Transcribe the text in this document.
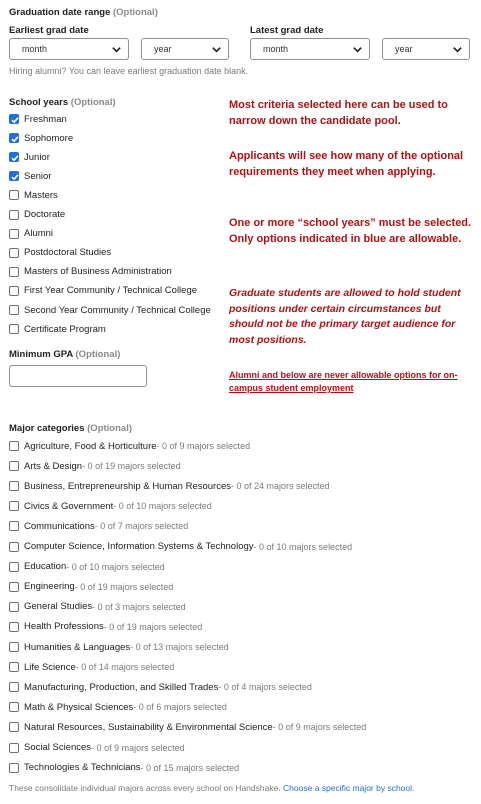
Graduation date range (Optional)
Earliest grad date	Latest grad date
month	year	month	year
Hiring alumni? You can leave earliest graduation date blank.
School years (Optional)
Freshman
Sophomore
Junior
Senior
Masters
Doctorate
Alumni
Postdoctoral Studies
Masters of Business Administration
First Year Community / Technical College
Second Year Community / Technical College
Certificate Program
Minimum GPA (Optional)
Most criteria selected here can be used to narrow down the candidate pool.
Applicants will see how many of the optional requirements they meet when applying.
One or more “school years” must be selected. Only options indicated in blue are allowable.
Graduate students are allowed to hold student positions under certain circumstances but should not be the primary target audience for most positions.
Alumni and below are never allowable options for on-campus student employment
Major categories (Optional)
Agriculture, Food & Horticulture - 0 of 9 majors selected
Arts & Design - 0 of 19 majors selected
Business, Entrepreneurship & Human Resources - 0 of 24 majors selected
Civics & Government - 0 of 10 majors selected
Communications - 0 of 7 majors selected
Computer Science, Information Systems & Technology - 0 of 10 majors selected
Education - 0 of 10 majors selected
Engineering - 0 of 19 majors selected
General Studies - 0 of 3 majors selected
Health Professions - 0 of 19 majors selected
Humanities & Languages - 0 of 13 majors selected
Life Science - 0 of 14 majors selected
Manufacturing, Production, and Skilled Trades - 0 of 4 majors selected
Math & Physical Sciences - 0 of 6 majors selected
Natural Resources, Sustainability & Environmental Science - 0 of 9 majors selected
Social Sciences - 0 of 9 majors selected
Technologies & Technicians - 0 of 15 majors selected
These consolidate individual majors across every school on Handshake. Choose a specific major by school.
